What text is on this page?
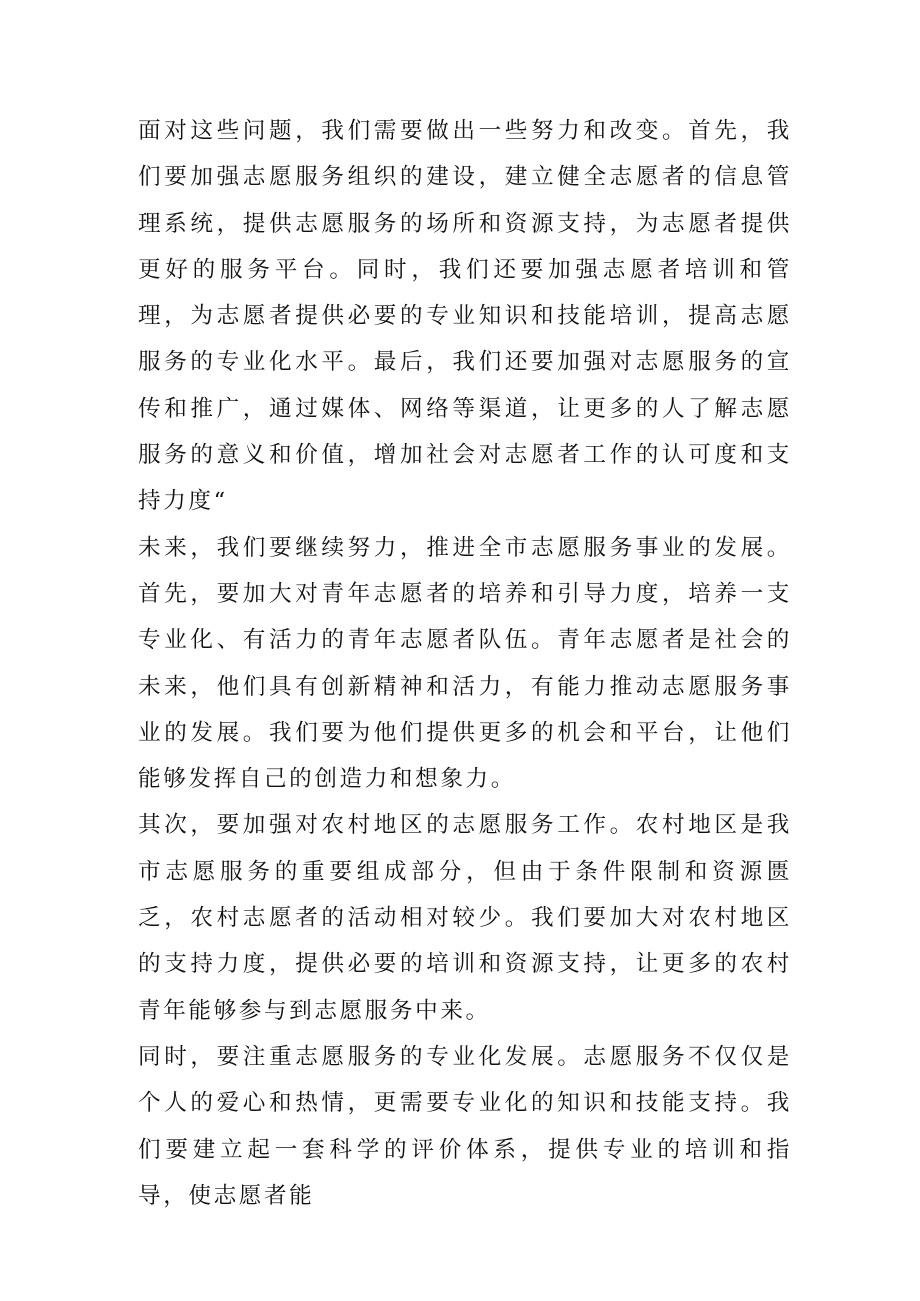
面对这些问题，我们需要做出一些努力和改变。首先，我们要加强志愿服务组织的建设，建立健全志愿者的信息管理系统，提供志愿服务的场所和资源支持，为志愿者提供更好的服务平台。同时，我们还要加强志愿者培训和管理，为志愿者提供必要的专业知识和技能培训，提高志愿服务的专业化水平。最后，我们还要加强对志愿服务的宣传和推广，通过媒体、网络等渠道，让更多的人了解志愿服务的意义和价值，增加社会对志愿者工作的认可度和支持力度“

未来，我们要继续努力，推进全市志愿服务事业的发展。首先，要加大对青年志愿者的培养和引导力度，培养一支专业化、有活力的青年志愿者队伍。青年志愿者是社会的未来，他们具有创新精神和活力，有能力推动志愿服务事业的发展。我们要为他们提供更多的机会和平台，让他们能够发挥自己的创造力和想象力。

其次，要加强对农村地区的志愿服务工作。农村地区是我市志愿服务的重要组成部分，但由于条件限制和资源匮乏，农村志愿者的活动相对较少。我们要加大对农村地区的支持力度，提供必要的培训和资源支持，让更多的农村青年能够参与到志愿服务中来。

同时，要注重志愿服务的专业化发展。志愿服务不仅仅是个人的爱心和热情，更需要专业化的知识和技能支持。我们要建立起一套科学的评价体系，提供专业的培训和指导，使志愿者能
